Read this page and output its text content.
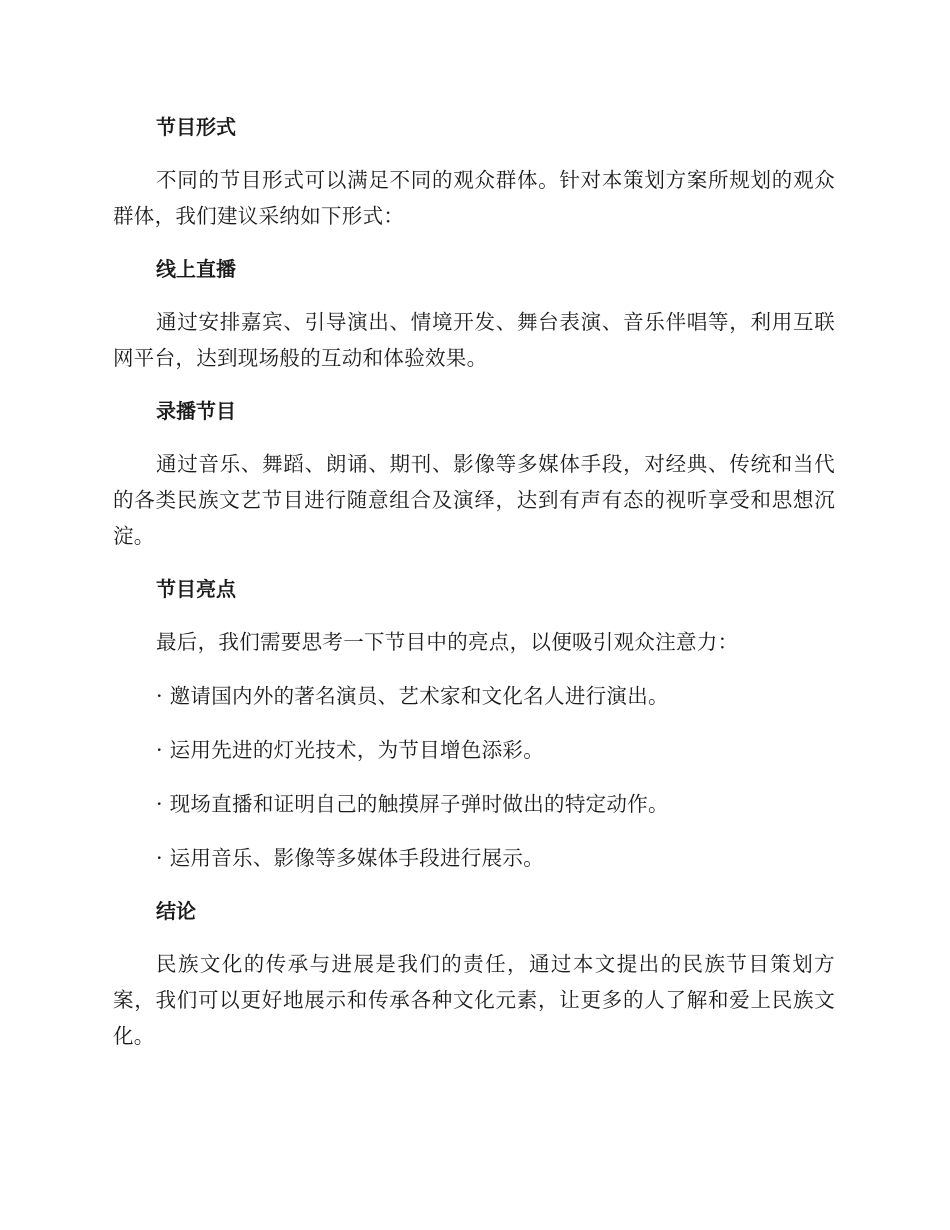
节目形式

不同的节目形式可以满足不同的观众群体。针对本策划方案所规划的观众群体，我们建议采纳如下形式：

线上直播

通过安排嘉宾、引导演出、情境开发、舞台表演、音乐伴唱等，利用互联网平台，达到现场般的互动和体验效果。

录播节目

通过音乐、舞蹈、朗诵、期刊、影像等多媒体手段，对经典、传统和当代的各类民族文艺节目进行随意组合及演绎，达到有声有态的视听享受和思想沉淀。

节目亮点

最后，我们需要思考一下节目中的亮点，以便吸引观众注意力：

· 邀请国内外的著名演员、艺术家和文化名人进行演出。

· 运用先进的灯光技术，为节目增色添彩。

· 现场直播和证明自己的触摸屏子弹时做出的特定动作。

· 运用音乐、影像等多媒体手段进行展示。

结论

民族文化的传承与进展是我们的责任，通过本文提出的民族节目策划方案，我们可以更好地展示和传承各种文化元素，让更多的人了解和爱上民族文化。
